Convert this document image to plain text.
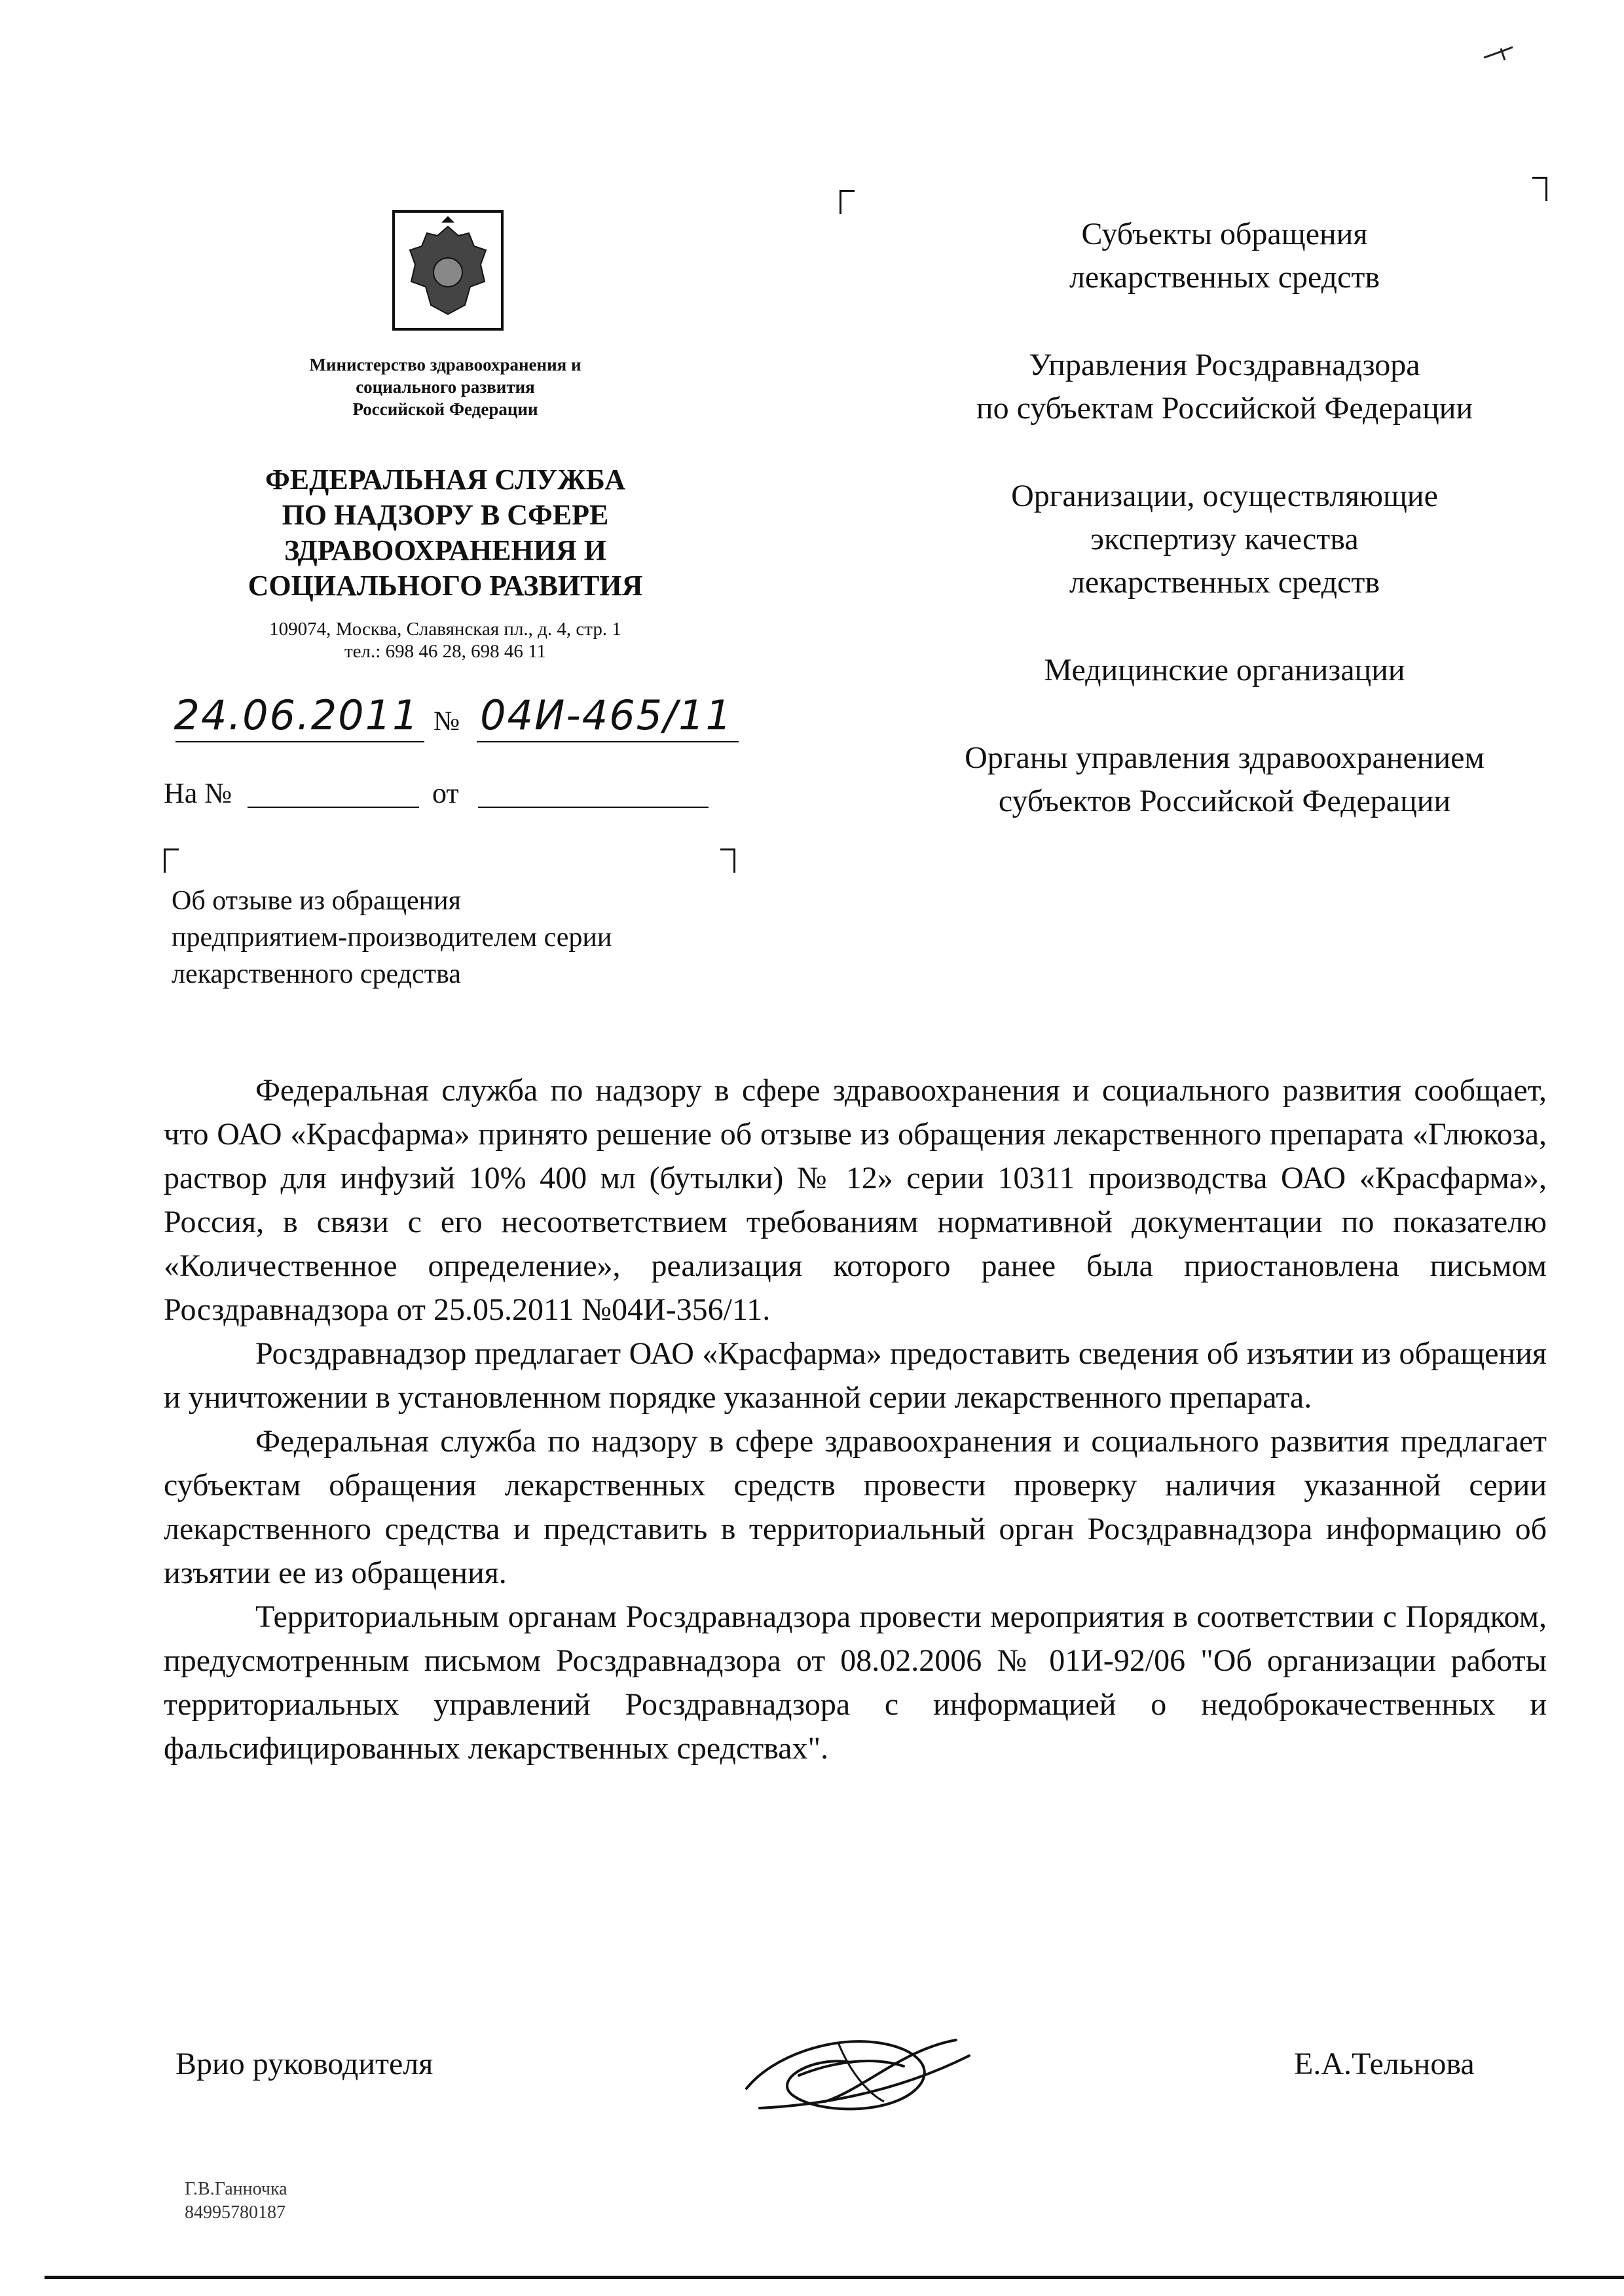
Министерство здравоохранения и
социального развития
Российской Федерации
ФЕДЕРАЛЬНАЯ СЛУЖБА
ПО НАДЗОРУ В СФЕРЕ
ЗДРАВООХРАНЕНИЯ И
СОЦИАЛЬНОГО РАЗВИТИЯ
109074, Москва, Славянская пл., д. 4, стр. 1
тел.: 698 46 28, 698 46 11
24.06.2011 № 04И-465/11
На №	от
Об отзыве из обращения
предприятием-производителем серии
лекарственного средства
Субъекты обращения
лекарственных средств
Управления Росздравнадзора
по субъектам Российской Федерации
Организации, осуществляющие
экспертизу качества
лекарственных средств
Медицинские организации
Органы управления здравоохранением
субъектов Российской Федерации

Федеральная служба по надзору в сфере здравоохранения и социального развития сообщает, что ОАО «Красфарма» принято решение об отзыве из обращения лекарственного препарата «Глюкоза, раствор для инфузий 10% 400 мл (бутылки) № 12» серии 10311 производства ОАО «Красфарма», Россия, в связи с его несоответствием требованиям нормативной документации по показателю «Количественное определение», реализация которого ранее была приостановлена письмом Росздравнадзора от 25.05.2011 №04И-356/11.

Росздравнадзор предлагает ОАО «Красфарма» предоставить сведения об изъятии из обращения и уничтожении в установленном порядке указанной серии лекарственного препарата.

Федеральная служба по надзору в сфере здравоохранения и социального развития предлагает субъектам обращения лекарственных средств провести проверку наличия указанной серии лекарственного средства и представить в территориальный орган Росздравнадзора информацию об изъятии ее из обращения.

Территориальным органам Росздравнадзора провести мероприятия в соответствии с Порядком, предусмотренным письмом Росздравнадзора от 08.02.2006 № 01И-92/06 "Об организации работы территориальных управлений Росздравнадзора с информацией о недоброкачественных и фальсифицированных лекарственных средствах".

Врио руководителя	Е.А.Тельнова
Г.В.Ганночка
84995780187
